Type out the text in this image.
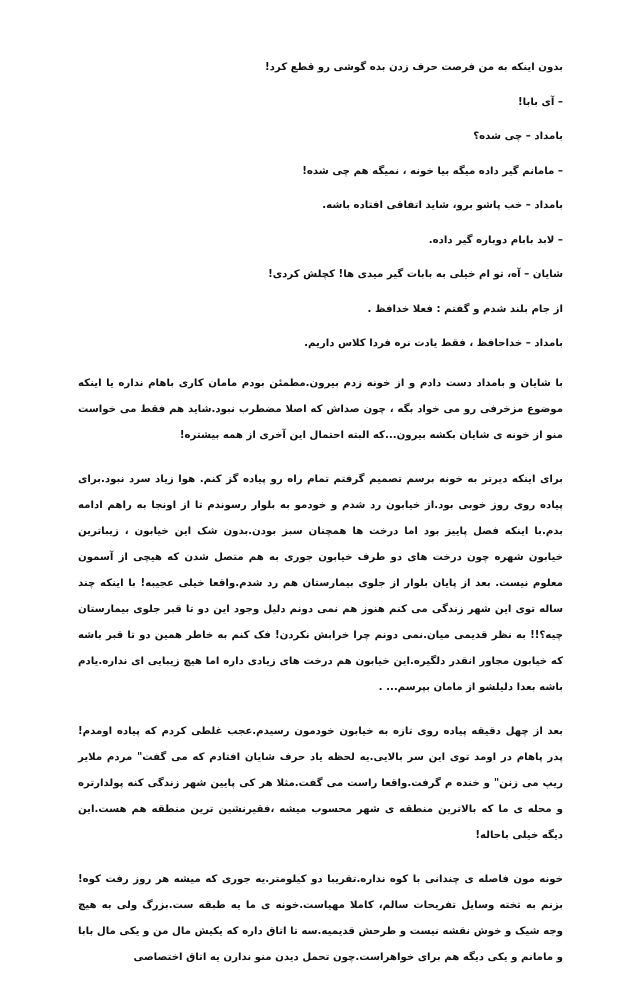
بدون اینکه به من فرصت حرف زدن بده گوشی رو قطع کرد!
– آی بابا!
بامداد – چی شده؟
– مامانم گیر داده میگه بیا خونه ، نمیگه هم چی شده!
بامداد – خب پاشو برو، شاید اتفاقی افتاده باشه.
– لابد بابام دوباره گیر داده.
شایان – آه، تو ام خیلی به بابات گیر میدی ها! کچلش کردی!
از جام بلند شدم و گفتم : فعلا خدافظ .
بامداد – خداحافظ ، فقط یادت نره فردا کلاس داریم.
با شایان و بامداد دست دادم و از خونه زدم بیرون.مطمئن بودم مامان کاری باهام نداره یا اینکه موضوع مزخرفی رو می خواد بگه ، چون صداش که اصلا مضطرب نبود.شاید هم فقط می خواست منو از خونه ی شایان بکشه بیرون...که البته احتمال این آخری از همه بیشتره!
برای اینکه دیرتر به خونه برسم تصمیم گرفتم تمام راه رو پیاده گز کنم. هوا زیاد سرد نبود.برای پیاده روی روز خوبی بود.از خیابون رد شدم و خودمو به بلوار رسوندم تا از اونجا به راهم ادامه بدم.با اینکه فصل پاییز بود اما درخت ها همچنان سبز بودن.بدون شک این خیابون ، زیباترین خیابون شهره چون درخت های دو طرف خیابون جوری به هم متصل شدن که هیچی از آسمون معلوم نیست. بعد از پایان بلوار از جلوی بیمارستان هم رد شدم.واقعا خیلی عجیبه! با اینکه چند ساله توی این شهر زندگی می کنم هنوز هم نمی دونم دلیل وجود این دو تا قبر جلوی بیمارستان چیه؟!! به نظر قدیمی میان.نمی دونم چرا خرابش نکردن! فک کنم به خاطر همین دو تا قبر باشه که خیابون مجاور انقدر دلگیره.این خیابون هم درخت های زیادی داره اما هیچ زیبایی ای نداره.یادم باشه بعدا دلیلشو از مامان بپرسم... .
بعد از چهل دقیقه پیاده روی تازه به خیابون خودمون رسیدم.عجب غلطی کردم که پیاده اومدم! پدر پاهام در اومد توی این سر بالایی.یه لحظه یاد حرف شایان افتادم که می گفت" مردم ملایر ریپ می زنن" و خنده م گرفت.واقعا راست می گفت.مثلا هر کی پایین شهر زندگی کنه پولدارتره و محله ی ما که بالاترین منطقه ی شهر محسوب میشه ،فقیرنشین ترین منطقه هم هست.این دیگه خیلی باحاله!
خونه مون فاصله ی چندانی با کوه نداره.تقریبا دو کیلومتر.یه جوری که میشه هر روز رفت کوه! بزنم به تخته وسایل تفریحات سالم، کاملا مهیاست.خونه ی ما یه طبقه ست.بزرگ ولی به هیچ وجه شیک و خوش نقشه نیست و طرحش قدیمیه.سه تا اتاق داره که یکیش مال من و یکی مال بابا و مامانم و یکی دیگه هم برای خواهراست.چون تحمل دیدن منو ندارن یه اتاق اختصاصی
